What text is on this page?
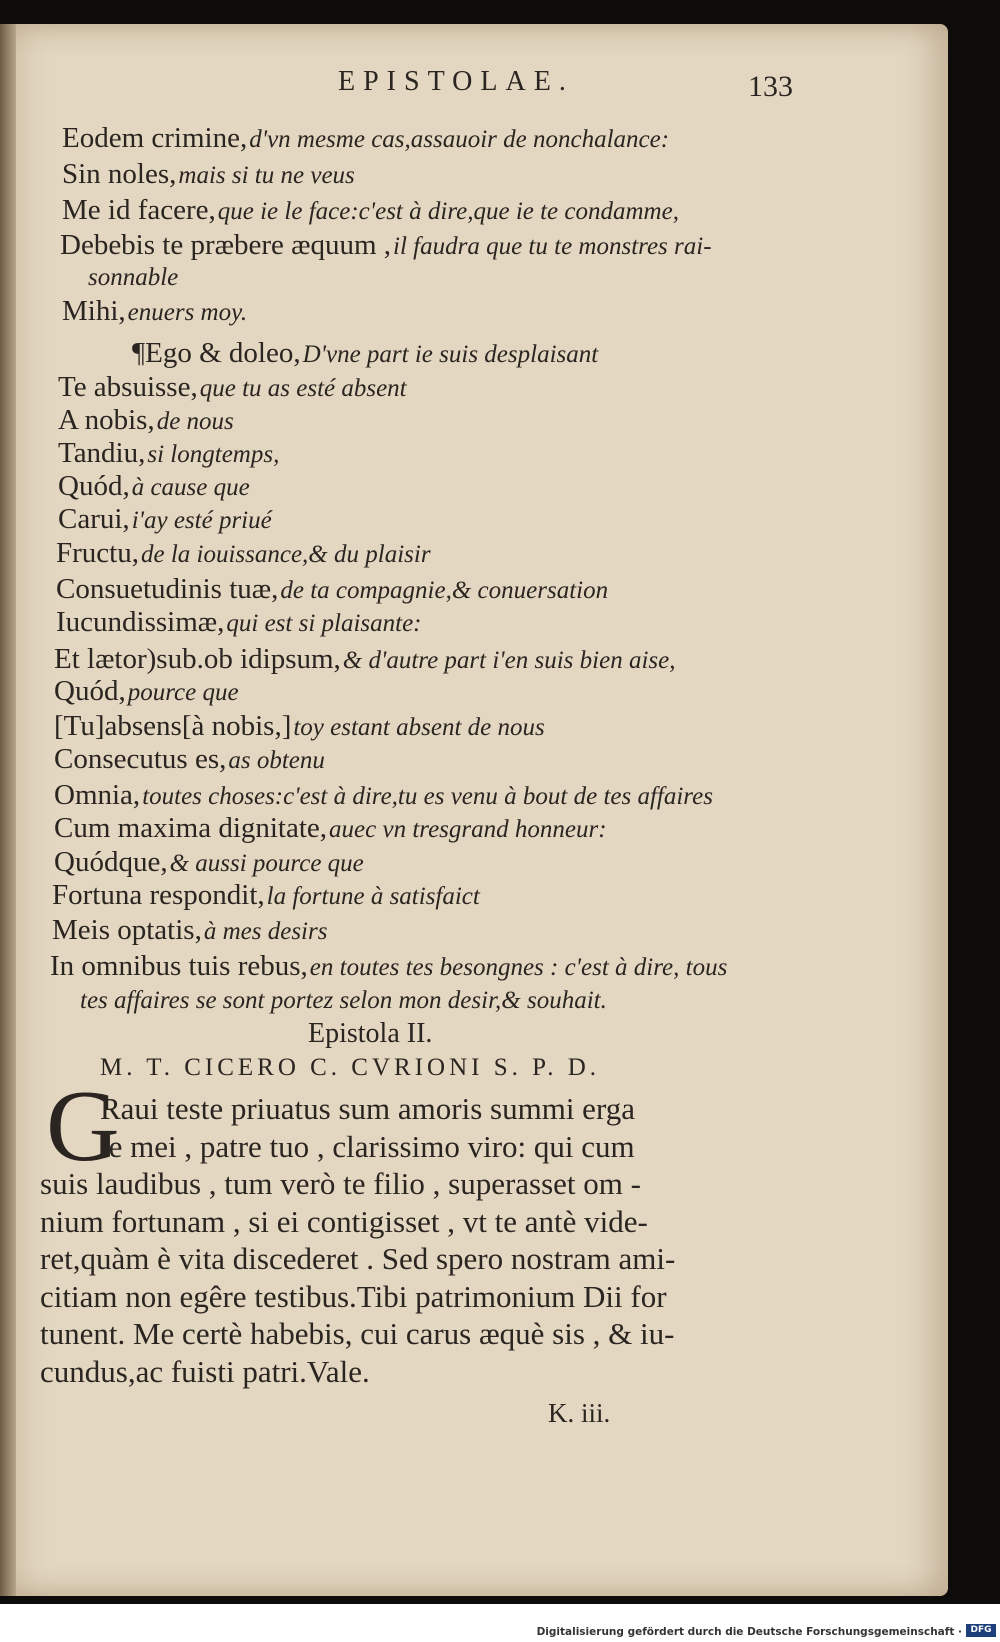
EPISTOLAE.	133
Eodem crimine,d'vn mesme cas,assauoir de nonchalance:
Sin noles,mais si tu ne veus
Me id facere,que ie le face:c'est à dire,que ie te condamme,
Debebis te præbere æquum ,il faudra que tu te monstres rai-
sonnable
Mihi,enuers moy.
¶Ego & doleo,D'vne part ie suis desplaisant
Te absuisse,que tu as esté absent
A nobis,de nous
Tandiu,si longtemps,
Quód,à cause que
Carui,i'ay esté priué
Fructu,de la iouissance,& du plaisir
Consuetudinis tuæ,de ta compagnie,& conuersation
Iucundissimæ,qui est si plaisante:
Et lætor)sub.ob idipsum,& d'autre part i'en suis bien aise,
Quód,pource que
[Tu]absens[à nobis,]toy estant absent de nous
Consecutus es,as obtenu
Omnia,toutes choses:c'est à dire,tu es venu à bout de tes affaires
Cum maxima dignitate,auec vn tresgrand honneur:
Quódque,& aussi pource que
Fortuna respondit,la fortune à satisfaict
Meis optatis,à mes desirs
In omnibus tuis rebus,en toutes tes besongnes : c'est à dire, tous
tes affaires se sont portez selon mon desir,& souhait.
Epistola II.
M. T. CICERO C. CVRIONI S. P. D.
G
Raui teste priuatus sum amoris summi erga
te mei , patre tuo , clarissimo viro: qui cum
suis laudibus , tum verò te filio , superasset om -
nium fortunam , si ei contigisset , vt te antè vide-
ret,quàm è vita discederet . Sed spero nostram ami-
citiam non egêre testibus.Tibi patrimonium Dii for
tunent. Me certè habebis, cui carus æquè sis , & iu-
cundus,ac fuisti patri.Vale.
K. iii.
Digitalisierung gefördert durch die Deutsche Forschungsgemeinschaft · DFG
